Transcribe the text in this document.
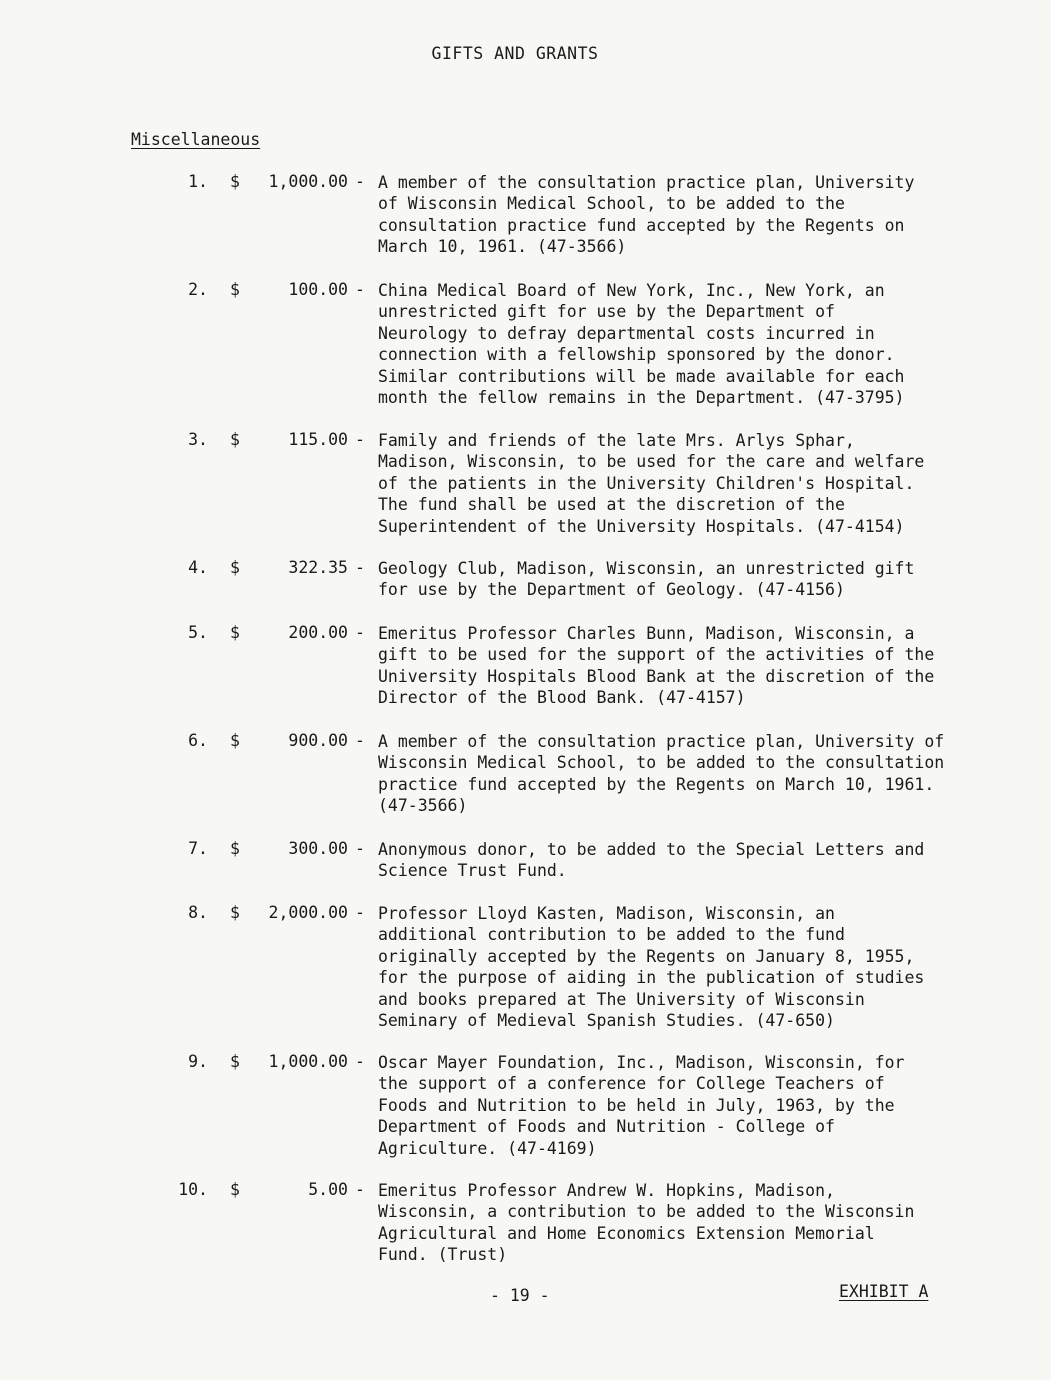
GIFTS AND GRANTS
Miscellaneous
1. $	1,000.00 - A member of the consultation practice plan, University
of Wisconsin Medical School, to be added to the
consultation practice fund accepted by the Regents on
March 10, 1961. (47-3566)
2. $	100.00 - China Medical Board of New York, Inc., New York, an
unrestricted gift for use by the Department of
Neurology to defray departmental costs incurred in
connection with a fellowship sponsored by the donor.
Similar contributions will be made available for each
month the fellow remains in the Department. (47-3795)
3. $	115.00 - Family and friends of the late Mrs. Arlys Sphar,
Madison, Wisconsin, to be used for the care and welfare
of the patients in the University Children's Hospital.
The fund shall be used at the discretion of the
Superintendent of the University Hospitals. (47-4154)
4. $	322.35 - Geology Club, Madison, Wisconsin, an unrestricted gift
for use by the Department of Geology. (47-4156)
5. $	200.00 - Emeritus Professor Charles Bunn, Madison, Wisconsin, a
gift to be used for the support of the activities of the
University Hospitals Blood Bank at the discretion of the
Director of the Blood Bank. (47-4157)
6. $	900.00 - A member of the consultation practice plan, University of
Wisconsin Medical School, to be added to the consultation
practice fund accepted by the Regents on March 10, 1961.
(47-3566)
7. $	300.00 - Anonymous donor, to be added to the Special Letters and
Science Trust Fund.
8. $	2,000.00 - Professor Lloyd Kasten, Madison, Wisconsin, an
additional contribution to be added to the fund
originally accepted by the Regents on January 8, 1955,
for the purpose of aiding in the publication of studies
and books prepared at The University of Wisconsin
Seminary of Medieval Spanish Studies. (47-650)
9. $	1,000.00 - Oscar Mayer Foundation, Inc., Madison, Wisconsin, for
the support of a conference for College Teachers of
Foods and Nutrition to be held in July, 1963, by the
Department of Foods and Nutrition - College of
Agriculture. (47-4169)
10. $	5.00 - Emeritus Professor Andrew W. Hopkins, Madison,
Wisconsin, a contribution to be added to the Wisconsin
Agricultural and Home Economics Extension Memorial
Fund. (Trust)
- 19 -	EXHIBIT A
